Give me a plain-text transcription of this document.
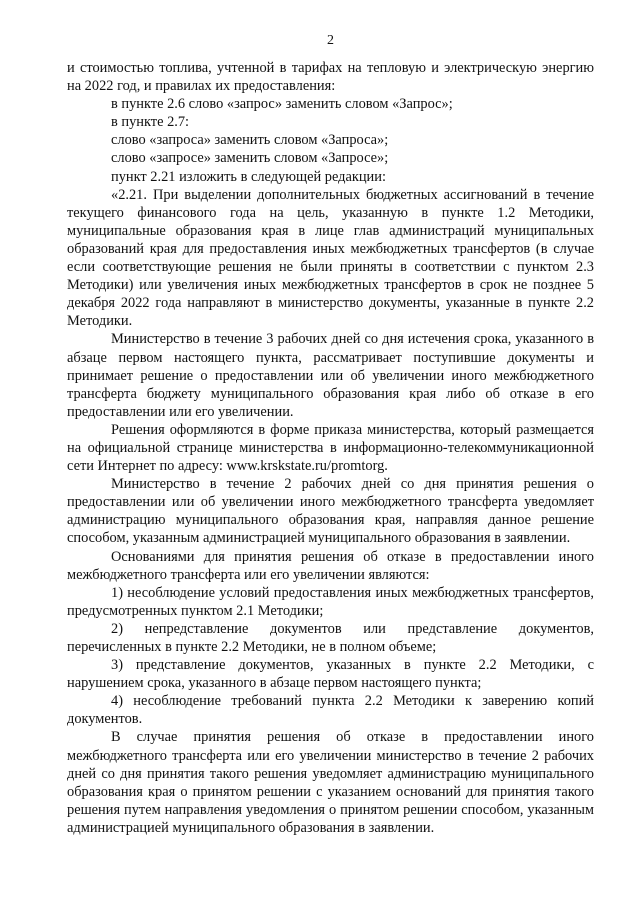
2

и стоимостью топлива, учтенной в тарифах на тепловую и электрическую энергию на 2022 год, и правилах их предоставления:

в пункте 2.6 слово «запрос» заменить словом «Запрос»;

в пункте 2.7:

слово «запроса» заменить словом «Запроса»;

слово «запросе» заменить словом «Запросе»;

пункт 2.21 изложить в следующей редакции:

«2.21. При выделении дополнительных бюджетных ассигнований в течение текущего финансового года на цель, указанную в пункте 1.2 Методики, муниципальные образования края в лице глав администраций муниципальных образований края для предоставления иных межбюджетных трансфертов (в случае если соответствующие решения не были приняты в соответствии с пунктом 2.3 Методики) или увеличения иных межбюджетных трансфертов в срок не позднее 5 декабря 2022 года направляют в министерство документы, указанные в пункте 2.2 Методики.

Министерство в течение 3 рабочих дней со дня истечения срока, указанного в абзаце первом настоящего пункта, рассматривает поступившие документы и принимает решение о предоставлении или об увеличении иного межбюджетного трансферта бюджету муниципального образования края либо об отказе в его предоставлении или его увеличении.

Решения оформляются в форме приказа министерства, который размещается на официальной странице министерства в информационно-телекоммуникационной сети Интернет по адресу: www.krskstate.ru/promtorg.

Министерство в течение 2 рабочих дней со дня принятия решения о предоставлении или об увеличении иного межбюджетного трансферта уведомляет администрацию муниципального образования края, направляя данное решение способом, указанным администрацией муниципального образования в заявлении.

Основаниями для принятия решения об отказе в предоставлении иного межбюджетного трансферта или его увеличении являются:

1) несоблюдение условий предоставления иных межбюджетных трансфертов, предусмотренных пунктом 2.1 Методики;

2) непредставление документов или представление документов, перечисленных в пункте 2.2 Методики, не в полном объеме;

3) представление документов, указанных в пункте 2.2 Методики, с нарушением срока, указанного в абзаце первом настоящего пункта;

4) несоблюдение требований пункта 2.2 Методики к заверению копий документов.

В случае принятия решения об отказе в предоставлении иного межбюджетного трансферта или его увеличении министерство в течение 2 рабочих дней со дня принятия такого решения уведомляет администрацию муниципального образования края о принятом решении с указанием оснований для принятия такого решения путем направления уведомления о принятом решении способом, указанным администрацией муниципального образования в заявлении.
